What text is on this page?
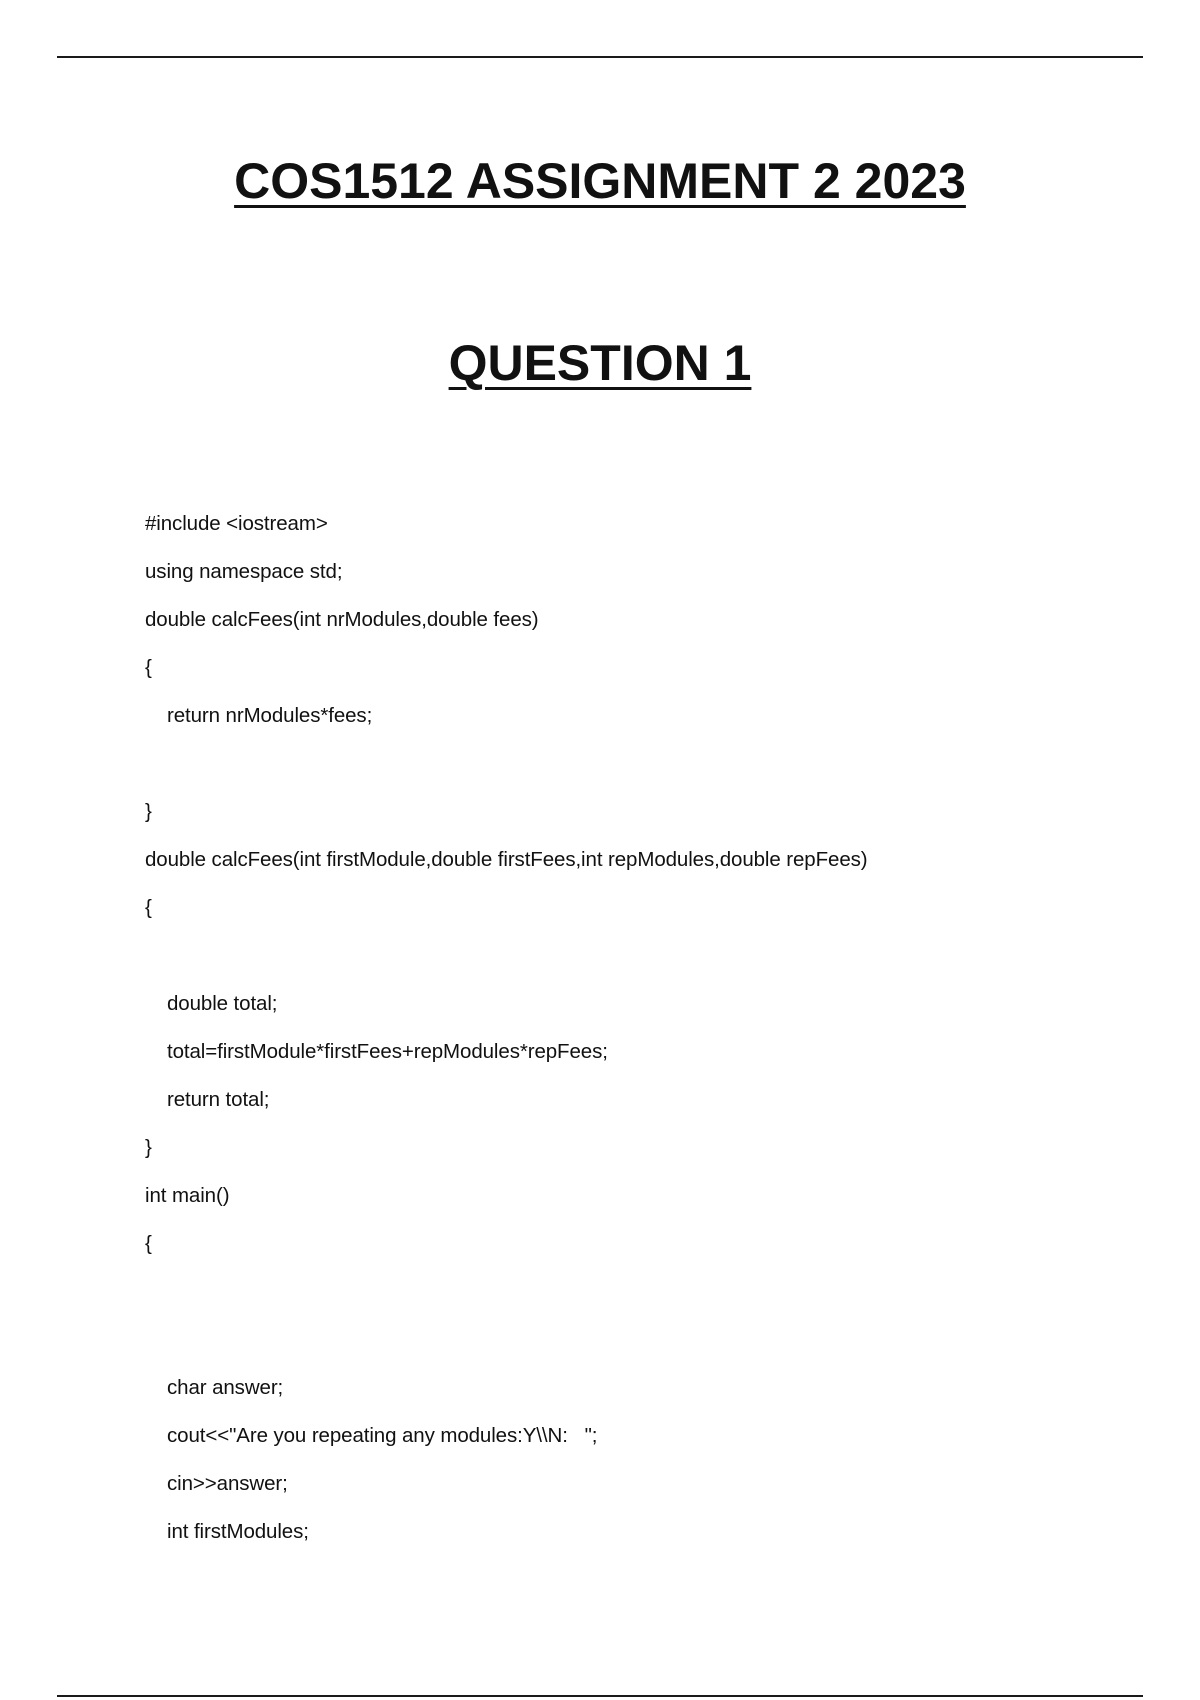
COS1512 ASSIGNMENT 2 2023
QUESTION 1
#include <iostream>
using namespace std;
double calcFees(int nrModules,double fees)
{
return nrModules*fees;
}
double calcFees(int firstModule,double firstFees,int repModules,double repFees)
{
double total;
total=firstModule*firstFees+repModules*repFees;
return total;
}
int main()
{
char answer;
cout<<"Are you repeating any modules:Y\\N:   ";
cin>>answer;
int firstModules;
